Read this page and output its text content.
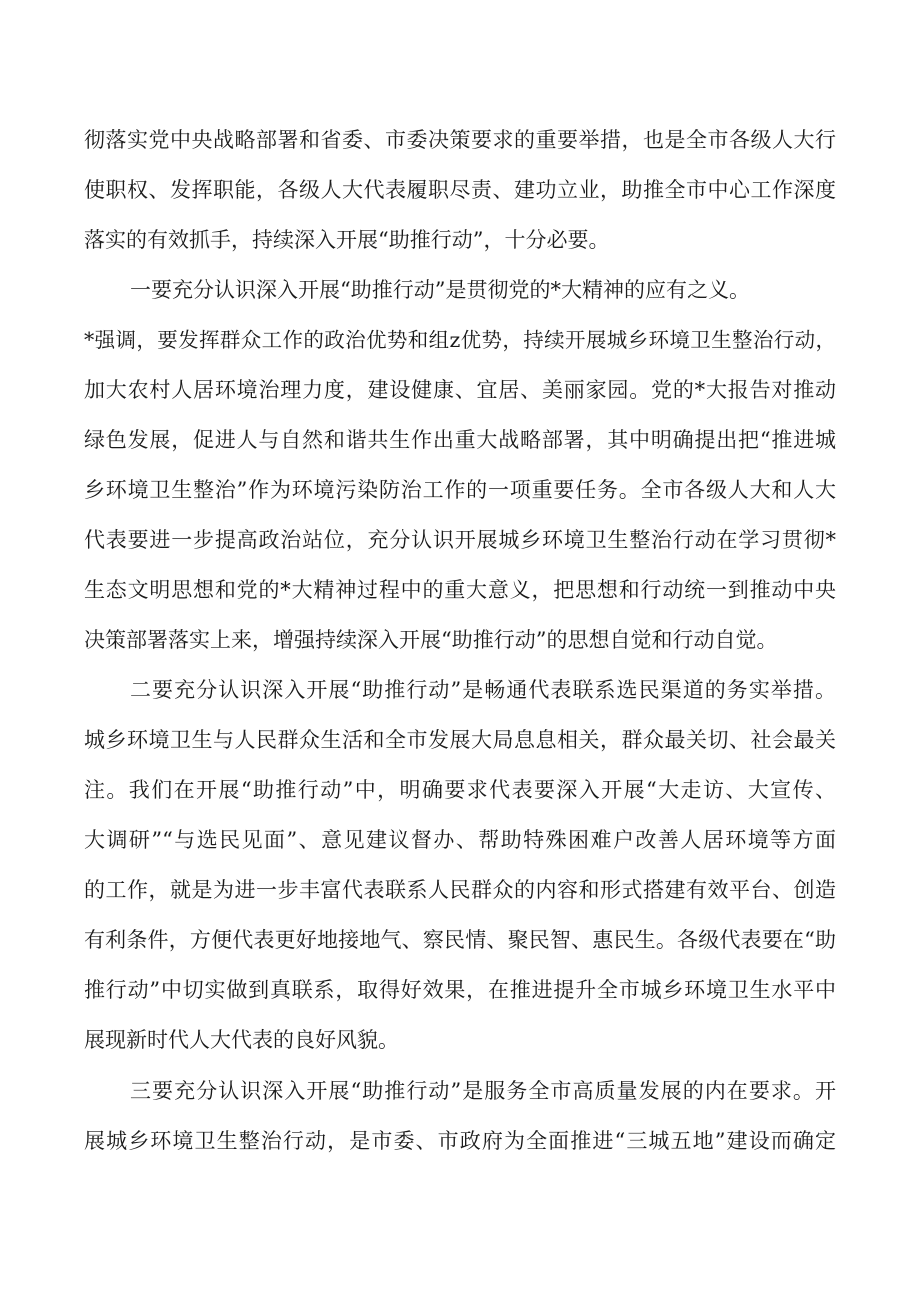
彻落实党中央战略部署和省委、市委决策要求的重要举措，也是全市各级人大行
使职权、发挥职能，各级人大代表履职尽责、建功立业，助推全市中心工作深度
落实的有效抓手，持续深入开展“助推行动”，十分必要。
一要充分认识深入开展“助推行动”是贯彻党的*大精神的应有之义。
*强调，要发挥群众工作的政治优势和组z优势，持续开展城乡环境卫生整治行动，
加大农村人居环境治理力度，建设健康、宜居、美丽家园。党的*大报告对推动
绿色发展，促进人与自然和谐共生作出重大战略部署，其中明确提出把“推进城
乡环境卫生整治”作为环境污染防治工作的一项重要任务。全市各级人大和人大
代表要进一步提高政治站位，充分认识开展城乡环境卫生整治行动在学习贯彻*
生态文明思想和党的*大精神过程中的重大意义，把思想和行动统一到推动中央
决策部署落实上来，增强持续深入开展“助推行动”的思想自觉和行动自觉。
二要充分认识深入开展“助推行动”是畅通代表联系选民渠道的务实举措。
城乡环境卫生与人民群众生活和全市发展大局息息相关，群众最关切、社会最关
注。我们在开展“助推行动”中，明确要求代表要深入开展“大走访、大宣传、
大调研”“与选民见面”、意见建议督办、帮助特殊困难户改善人居环境等方面
的工作，就是为进一步丰富代表联系人民群众的内容和形式搭建有效平台、创造
有利条件，方便代表更好地接地气、察民情、聚民智、惠民生。各级代表要在“助
推行动”中切实做到真联系，取得好效果，在推进提升全市城乡环境卫生水平中
展现新时代人大代表的良好风貌。
三要充分认识深入开展“助推行动”是服务全市高质量发展的内在要求。开
展城乡环境卫生整治行动，是市委、市政府为全面推进“三城五地”建设而确定
